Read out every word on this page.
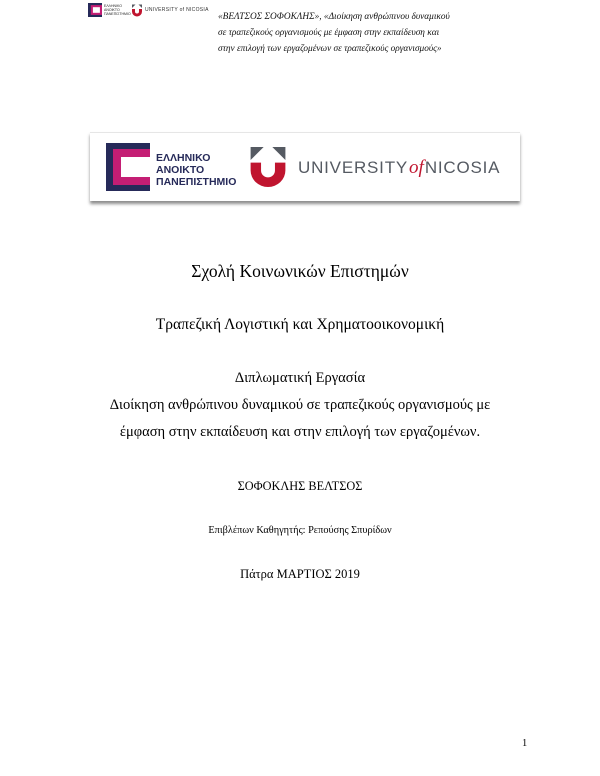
ΕΛΛΗΝΙΚΟ
ΑΝΟΙΚΤΟ
ΠΑΝΕΠΙΣΤΗΜΙΟ
UNIVERSITY of NICOSIA
«ΒΕΛΤΣΟΣ ΣΟΦΟΚΛΗΣ», «Διοίκηση ανθρώπινου δυναμικού
σε τραπεζικούς οργανισμούς με έμφαση στην εκπαίδευση και
στην επιλογή των εργαζομένων σε τραπεζικούς οργανισμούς»
ΕΛΛΗΝΙΚΟ
ΑΝΟΙΚΤΟ
ΠΑΝΕΠΙΣΤΗΜΙΟ
UNIVERSITYofNICOSIA
Σχολή Κοινωνικών Επιστημών
Τραπεζική Λογιστική και Χρηματοοικονομική
Διπλωματική Εργασία
Διοίκηση ανθρώπινου δυναμικού σε τραπεζικούς οργανισμούς με
έμφαση στην εκπαίδευση και στην επιλογή των εργαζομένων.
ΣΟΦΟΚΛΗΣ ΒΕΛΤΣΟΣ
Επιβλέπων Καθηγητής: Ρεπούσης Σπυρίδων
Πάτρα ΜΑΡΤΙΟΣ 2019
1
